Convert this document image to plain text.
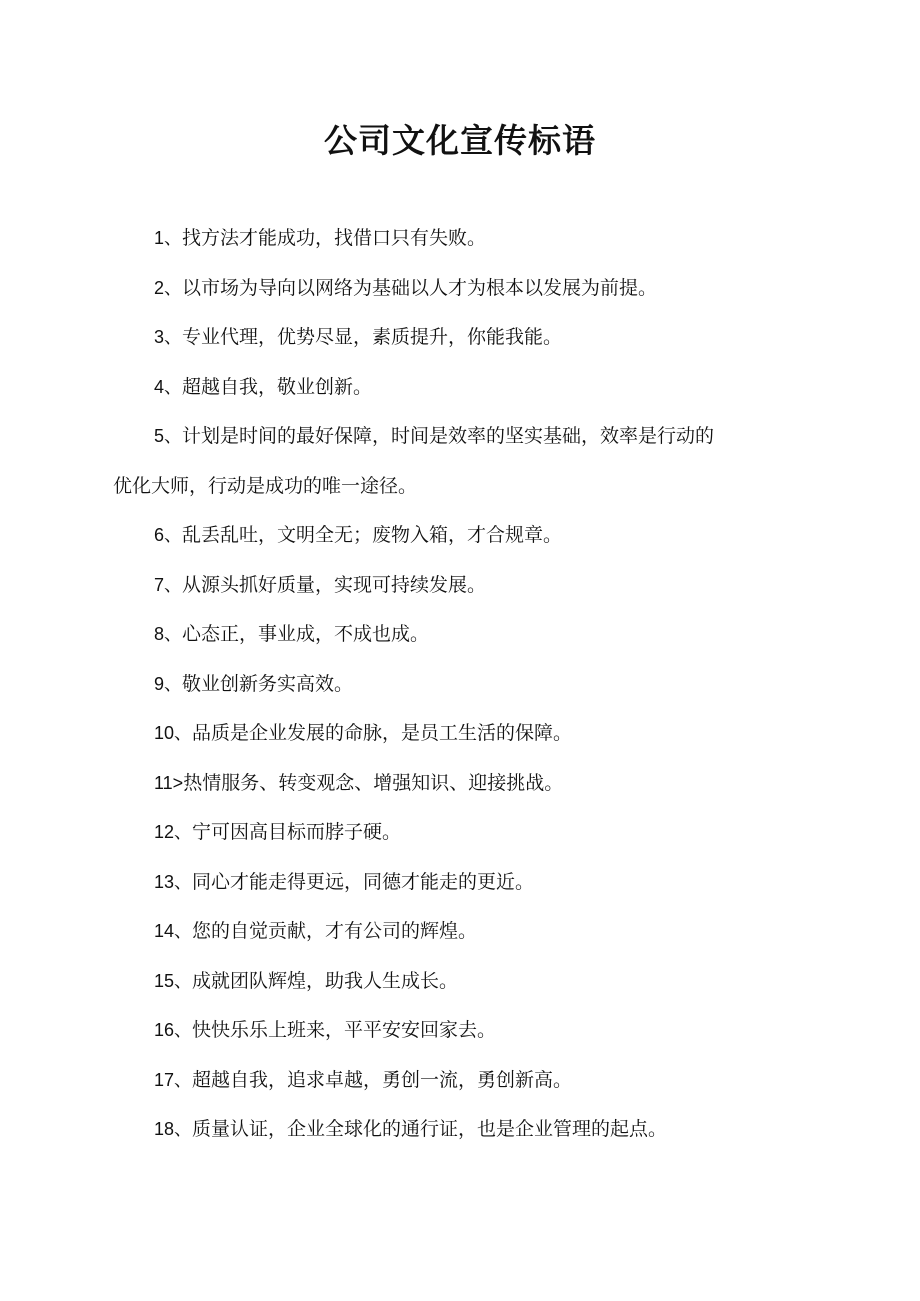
公司文化宣传标语
1、找方法才能成功，找借口只有失败。
2、以市场为导向以网络为基础以人才为根本以发展为前提。
3、专业代理，优势尽显，素质提升，你能我能。
4、超越自我，敬业创新。
5、计划是时间的最好保障，时间是效率的坚实基础，效率是行动的
优化大师，行动是成功的唯一途径。
6、乱丢乱吐，文明全无；废物入箱，才合规章。
7、从源头抓好质量，实现可持续发展。
8、心态正，事业成，不成也成。
9、敬业创新务实高效。
10、品质是企业发展的命脉，是员工生活的保障。
11>热情服务、转变观念、增强知识、迎接挑战。
12、宁可因高目标而脖子硬。
13、同心才能走得更远，同德才能走的更近。
14、您的自觉贡献，才有公司的辉煌。
15、成就团队辉煌，助我人生成长。
16、快快乐乐上班来，平平安安回家去。
17、超越自我，追求卓越，勇创一流，勇创新高。
18、质量认证，企业全球化的通行证，也是企业管理的起点。
